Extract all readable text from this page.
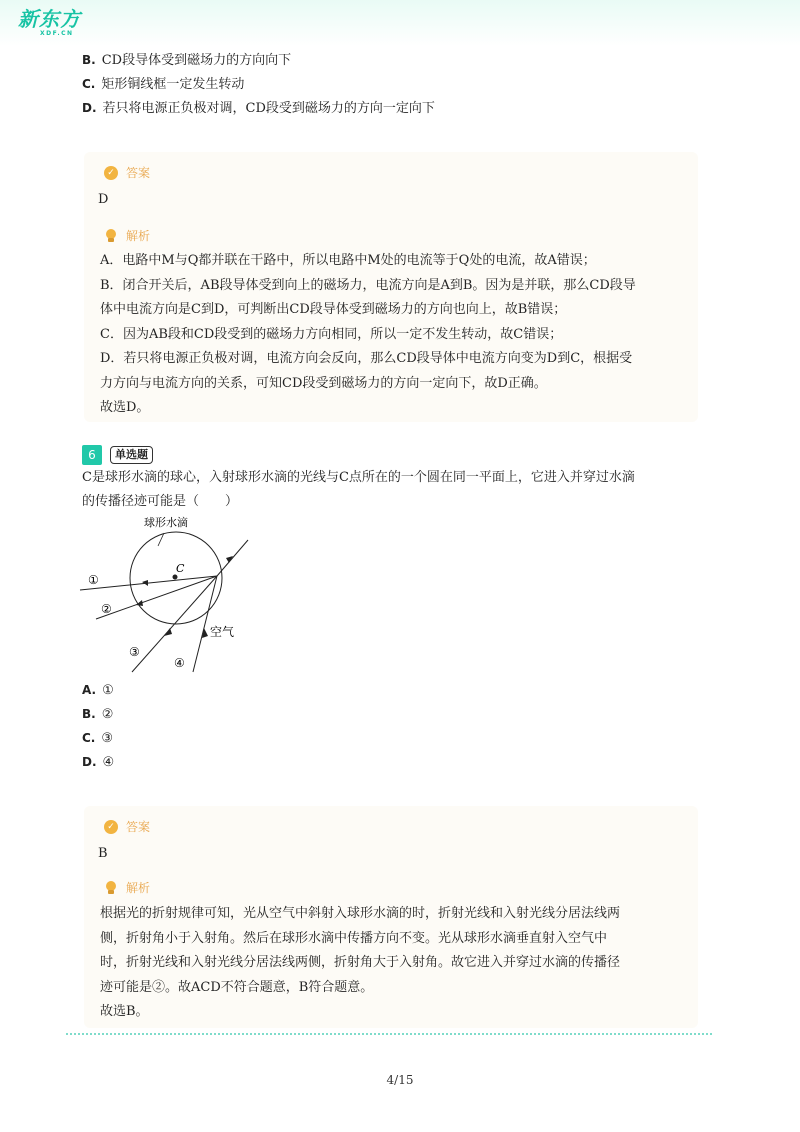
新东方
XDF.CN
B. CD段导体受到磁场力的方向向下
C. 矩形铜线框一定发生转动
D. 若只将电源正负极对调，CD段受到磁场力的方向一定向下
✓ 答案
D
解析

A．电路中M与Q都并联在干路中，所以电路中M处的电流等于Q处的电流，故A错误；

B．闭合开关后，AB段导体受到向上的磁场力，电流方向是A到B。因为是并联，那么CD段导

体中电流方向是C到D，可判断出CD段导体受到磁场力的方向也向上，故B错误；

C．因为AB段和CD段受到的磁场力方向相同，所以一定不发生转动，故C错误；

D．若只将电源正负极对调，电流方向会反向，那么CD段导体中电流方向变为D到C，根据受

力方向与电流方向的关系，可知CD段受到磁场力的方向一定向下，故D正确。

故选D。

6	单选题

C是球形水滴的球心，入射球形水滴的光线与C点所在的一个圆在同一平面上，它进入并穿过水滴

的传播径迹可能是（　　）

球形水滴
C
①
②
③
④
空气
A. ①
B. ②
C. ③
D. ④
✓ 答案
B
解析

根据光的折射规律可知，光从空气中斜射入球形水滴的时，折射光线和入射光线分居法线两

侧，折射角小于入射角。然后在球形水滴中传播方向不变。光从球形水滴垂直射入空气中

时，折射光线和入射光线分居法线两侧，折射角大于入射角。故它进入并穿过水滴的传播径

迹可能是②。故ACD不符合题意，B符合题意。

故选B。

4/15
